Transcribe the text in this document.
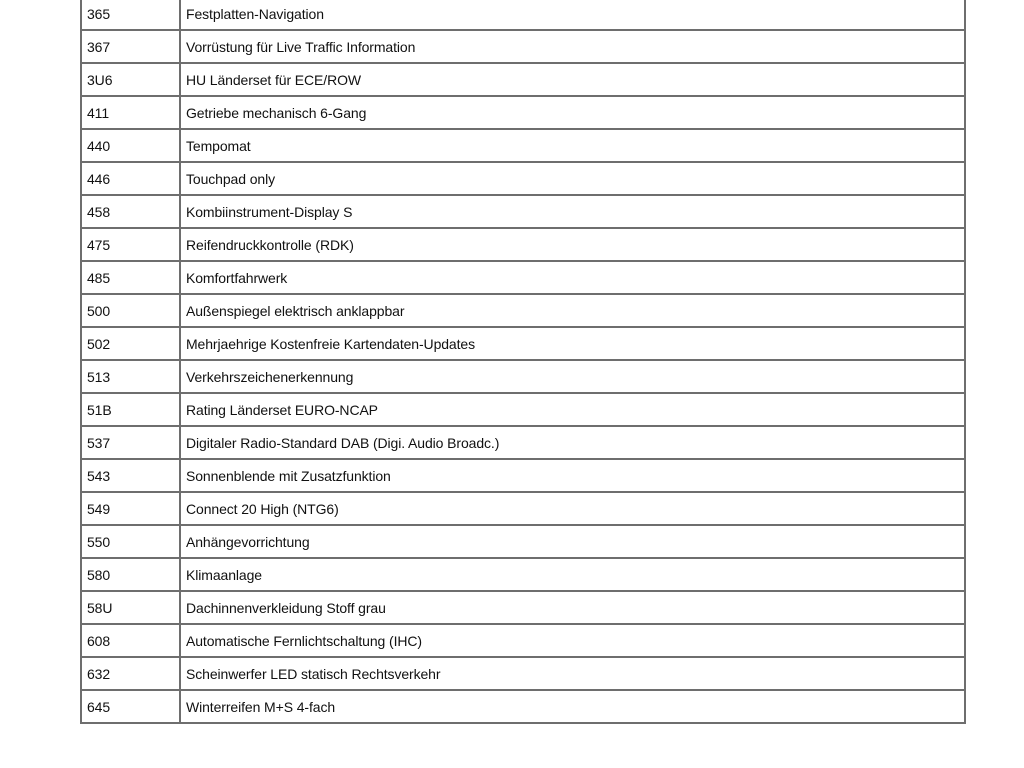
365	Festplatten-Navigation
367	Vorrüstung für Live Traffic Information
3U6	HU Länderset für ECE/ROW
411	Getriebe mechanisch 6-Gang
440	Tempomat
446	Touchpad only
458	Kombiinstrument-Display S
475	Reifendruckkontrolle (RDK)
485	Komfortfahrwerk
500	Außenspiegel elektrisch anklappbar
502	Mehrjaehrige Kostenfreie Kartendaten-Updates
513	Verkehrszeichenerkennung
51B	Rating Länderset EURO-NCAP
537	Digitaler Radio-Standard DAB (Digi. Audio Broadc.)
543	Sonnenblende mit Zusatzfunktion
549	Connect 20 High (NTG6)
550	Anhängevorrichtung
580	Klimaanlage
58U	Dachinnenverkleidung Stoff grau
608	Automatische Fernlichtschaltung (IHC)
632	Scheinwerfer LED statisch Rechtsverkehr
645	Winterreifen M+S 4-fach
